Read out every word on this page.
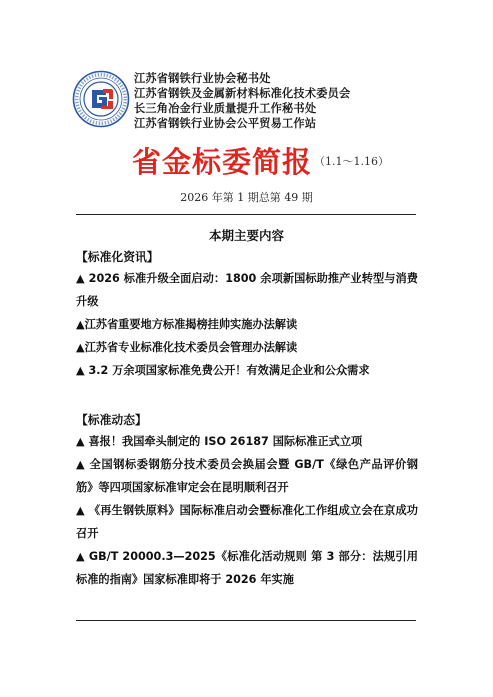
江苏省钢铁行业协会秘书处
江苏省钢铁及金属新材料标准化技术委员会
长三角冶金行业质量提升工作秘书处
江苏省钢铁行业协会公平贸易工作站
省金标委简报 （1.1～1.16）
2026 年第 1 期总第 49 期
本期主要内容
【标准化资讯】
▲ 2026 标准升级全面启动：1800 余项新国标助推产业转型与消费升级
▲江苏省重要地方标准揭榜挂帅实施办法解读
▲江苏省专业标准化技术委员会管理办法解读
▲ 3.2 万余项国家标准免费公开！有效满足企业和公众需求
【标准动态】
▲ 喜报！我国牵头制定的 ISO 26187 国际标准正式立项
▲ 全国钢标委钢筋分技术委员会换届会暨 GB/T《绿色产品评价钢筋》等四项国家标准审定会在昆明顺利召开
▲ 《再生钢铁原料》国际标准启动会暨标准化工作组成立会在京成功召开
▲ GB/T 20000.3—2025《标准化活动规则 第 3 部分：法规引用标准的指南》国家标准即将于 2026 年实施
